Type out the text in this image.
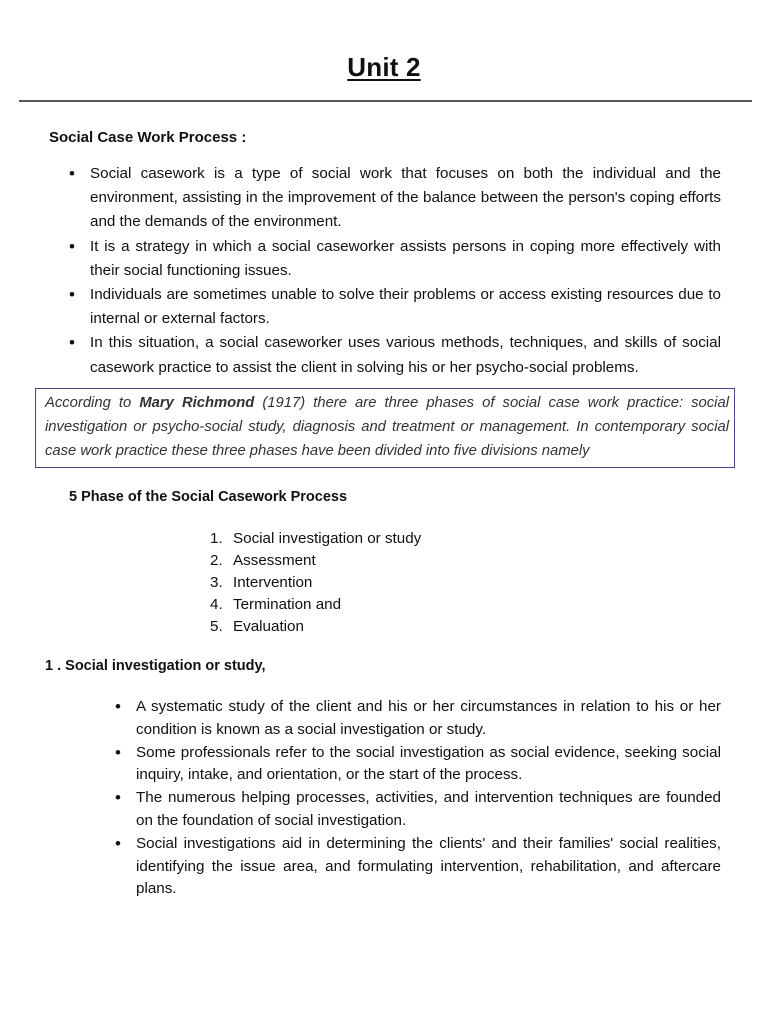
Unit 2
Social Case Work Process :
• Social casework is a type of social work that focuses on both the individual and the environment, assisting in the improvement of the balance between the person's coping efforts and the demands of the environment.
• It is a strategy in which a social caseworker assists persons in coping more effectively with their social functioning issues.
• Individuals are sometimes unable to solve their problems or access existing resources due to internal or external factors.
• In this situation, a social caseworker uses various methods, techniques, and skills of social casework practice to assist the client in solving his or her psycho-social problems.
According to Mary Richmond (1917) there are three phases of social case work practice: social investigation or psycho-social study, diagnosis and treatment or management. In contemporary social case work practice these three phases have been divided into five divisions namely
5 Phase of the Social Casework Process
1. Social investigation or study
2. Assessment
3. Intervention
4. Termination and
5. Evaluation
1 . Social investigation or study,
• A systematic study of the client and his or her circumstances in relation to his or her condition is known as a social investigation or study.
• Some professionals refer to the social investigation as social evidence, seeking social inquiry, intake, and orientation, or the start of the process.
• The numerous helping processes, activities, and intervention techniques are founded on the foundation of social investigation.
• Social investigations aid in determining the clients' and their families' social realities, identifying the issue area, and formulating intervention, rehabilitation, and aftercare plans.
